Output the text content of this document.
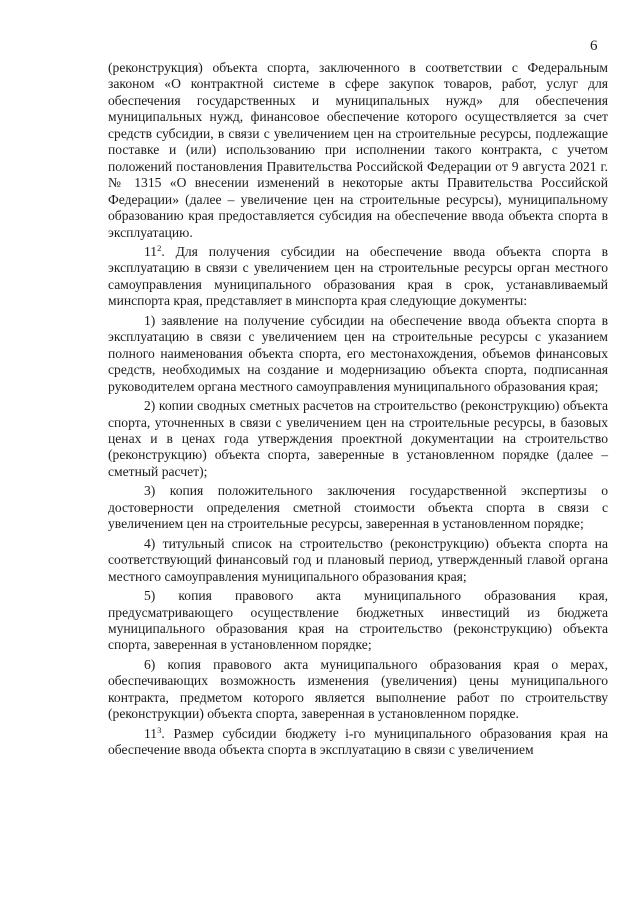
6

(реконструкция) объекта спорта, заключенного в соответствии с Федеральным законом «О контрактной системе в сфере закупок товаров, работ, услуг для обеспечения государственных и муниципальных нужд» для обеспечения муниципальных нужд, финансовое обеспечение которого осуществляется за счет средств субсидии, в связи с увеличением цен на строительные ресурсы, подлежащие поставке и (или) использованию при исполнении такого контракта, с учетом положений постановления Правительства Российской Федерации от 9 августа 2021 г. № 1315 «О внесении изменений в некоторые акты Правительства Российской Федерации» (далее – увеличение цен на строительные ресурсы), муниципальному образованию края предоставляется субсидия на обеспечение ввода объекта спорта в эксплуатацию.

$11^2$. Для получения субсидии на обеспечение ввода объекта спорта в эксплуатацию в связи с увеличением цен на строительные ресурсы орган местного самоуправления муниципального образования края в срок, устанавливаемый минспорта края, представляет в минспорта края следующие документы:

1) заявление на получение субсидии на обеспечение ввода объекта спорта в эксплуатацию в связи с увеличением цен на строительные ресурсы с указанием полного наименования объекта спорта, его местонахождения, объемов финансовых средств, необходимых на создание и модернизацию объекта спорта, подписанная руководителем органа местного самоуправления муниципального образования края;

2) копии сводных сметных расчетов на строительство (реконструкцию) объекта спорта, уточненных в связи с увеличением цен на строительные ресурсы, в базовых ценах и в ценах года утверждения проектной документации на строительство (реконструкцию) объекта спорта, заверенные в установленном порядке (далее – сметный расчет);

3) копия положительного заключения государственной экспертизы о достоверности определения сметной стоимости объекта спорта в связи с увеличением цен на строительные ресурсы, заверенная в установленном порядке;

4) титульный список на строительство (реконструкцию) объекта спорта на соответствующий финансовый год и плановый период, утвержденный главой органа местного самоуправления муниципального образования края;

5) копия правового акта муниципального образования края, предусматривающего осуществление бюджетных инвестиций из бюджета муниципального образования края на строительство (реконструкцию) объекта спорта, заверенная в установленном порядке;

6) копия правового акта муниципального образования края о мерах, обеспечивающих возможность изменения (увеличения) цены муниципального контракта, предметом которого является выполнение работ по строительству (реконструкции) объекта спорта, заверенная в установленном порядке.

$11^3$. Размер субсидии бюджету i-го муниципального образования края на обеспечение ввода объекта спорта в эксплуатацию в связи с увеличением
